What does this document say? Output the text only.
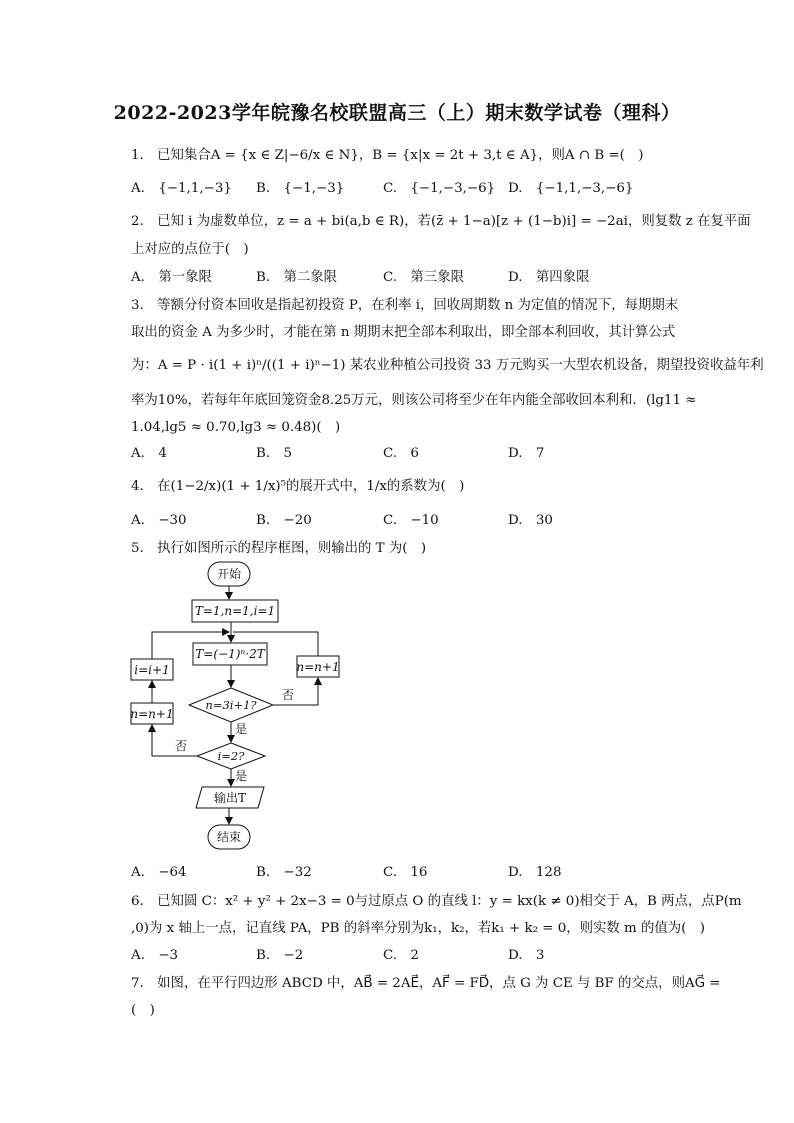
2022-2023学年皖豫名校联盟高三（上）期末数学试卷（理科）
1.　已知集合A = {x ∈ Z|−6/x ∈ N}，B = {x|x = 2t + 3,t ∈ A}，则A ∩ B =(　)
A.　{−1,1,−3} B.　{−1,−3}	C.　{−1,−3,−6} D.　{−1,1,−3,−6}
2.　已知 i 为虚数单位，z = a + bi(a,b ∈ R)，若(z̄ + 1−a)[z + (1−b)i] = −2ai，则复数 z 在复平面
上对应的点位于(　)
A.　第一象限	B.　第二象限	C.　第三象限	D.　第四象限
3.　等额分付资本回收是指起初投资 P，在利率 i，回收周期数 n 为定值的情况下，每期期末
取出的资金 A 为多少时，才能在第 n 期期末把全部本利取出，即全部本利回收，其计算公式
为：A = P · i(1 + i)ⁿ/((1 + i)ⁿ−1) 某农业种植公司投资 33 万元购买一大型农机设备，期望投资收益年利
率为10%，若每年年底回笼资金8.25万元，则该公司将至少在年内能全部收回本利和．(lg11 ≈
1.04,lg5 ≈ 0.70,lg3 ≈ 0.48)(　)
A.　4	B.　5	C.　6	D.　7
4.　在(1−2/x)(1 + 1/x)⁵的展开式中，1/x的系数为(　)
A.　−30	B.　−20	C.　−10	D.　30
5.　执行如图所示的程序框图，则输出的 T 为(　)
开始
T=1,n=1,i=1
T=(−1)ⁿ·2T
n=3i+1?
i=2?
输出T
结束
n=n+1
n=n+1
i=i+1
是
否
是
否
A.　−64	B.　−32	C.　16	D.　128
6.　已知圆 C：x² + y² + 2x−3 = 0与过原点 O 的直线 l：y = kx(k ≠ 0)相交于 A，B 两点，点P(m
,0)为 x 轴上一点，记直线 PA，PB 的斜率分别为k₁，k₂，若k₁ + k₂ = 0，则实数 m 的值为(　)
A.　−3	B.　−2	C.　2	D.　3
7.　如图，在平行四边形 ABCD 中，AB⃗ = 2AE⃗，AF⃗ = FD⃗，点 G 为 CE 与 BF 的交点，则AG⃗ =
(　)
